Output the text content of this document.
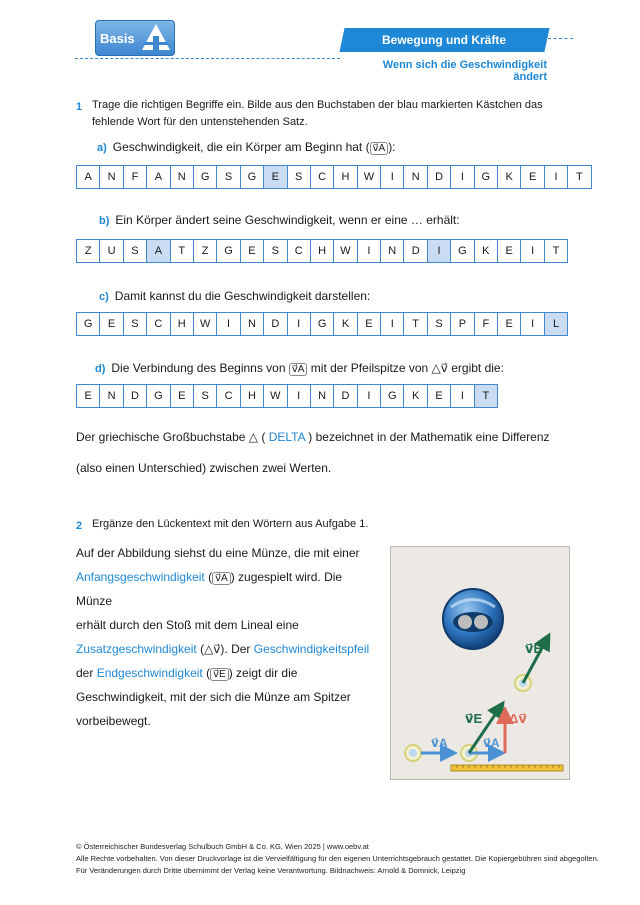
Basis	Bewegung und Kräfte
Wenn sich die Geschwindigkeit ändert
1 Trage die richtigen Begriffe ein. Bilde aus den Buchstaben der blau markierten Kästchen das
fehlende Wort für den untenstehenden Satz.
a) Geschwindigkeit, die ein Körper am Beginn hat ( v⃗A ):
A	N	F	A	N	G	S	G	E	S	C	H	W	I	N	D	I	G	K	E	I	T
b) Ein Körper ändert seine Geschwindigkeit, wenn er eine … erhält:
Z	U	S	A	T	Z	G	E	S	C	H	W	I	N	D	I	G	K	E	I	T
c) Damit kannst du die Geschwindigkeit darstellen:
G	E	S	C	H	W	I	N	D	I	G	K	E	I	T	S	P	F	E	I	L
d) Die Verbindung des Beginns von v⃗A mit der Pfeilspitze von △v⃗ ergibt die:
E	N	D	G	E	S	C	H	W	I	N	D	I	G	K	E	I	T
Der griechische Großbuchstabe △ ( DELTA ) bezeichnet in der Mathematik eine Differenz
(also einen Unterschied) zwischen zwei Werten.
2 Ergänze den Lückentext mit den Wörtern aus Aufgabe 1.
Auf der Abbildung siehst du eine Münze, die mit einer
Anfangsgeschwindigkeit ( v⃗A ) zugespielt wird. Die Münze
erhält durch den Stoß mit dem Lineal eine
Zusatzgeschwindigkeit (△v⃗). Der Geschwindigkeitspfeil
der Endgeschwindigkeit ( v⃗E ) zeigt dir die
Geschwindigkeit, mit der sich die Münze am Spitzer
vorbeibewegt.
v⃗E
v⃗A	v⃗A
v⃗E Δv⃗
© Österreichischer Bundesverlag Schulbuch GmbH & Co. KG, Wien 2025 | www.oebv.at
Alle Rechte vorbehalten. Von dieser Druckvorlage ist die Vervielfältigung für den eigenen Unterrichtsgebrauch gestattet. Die Kopiergebühren sind abgegolten.
Für Veränderungen durch Dritte übernimmt der Verlag keine Verantwortung. Bildnachweis: Arnold & Domnick, Leipzig
